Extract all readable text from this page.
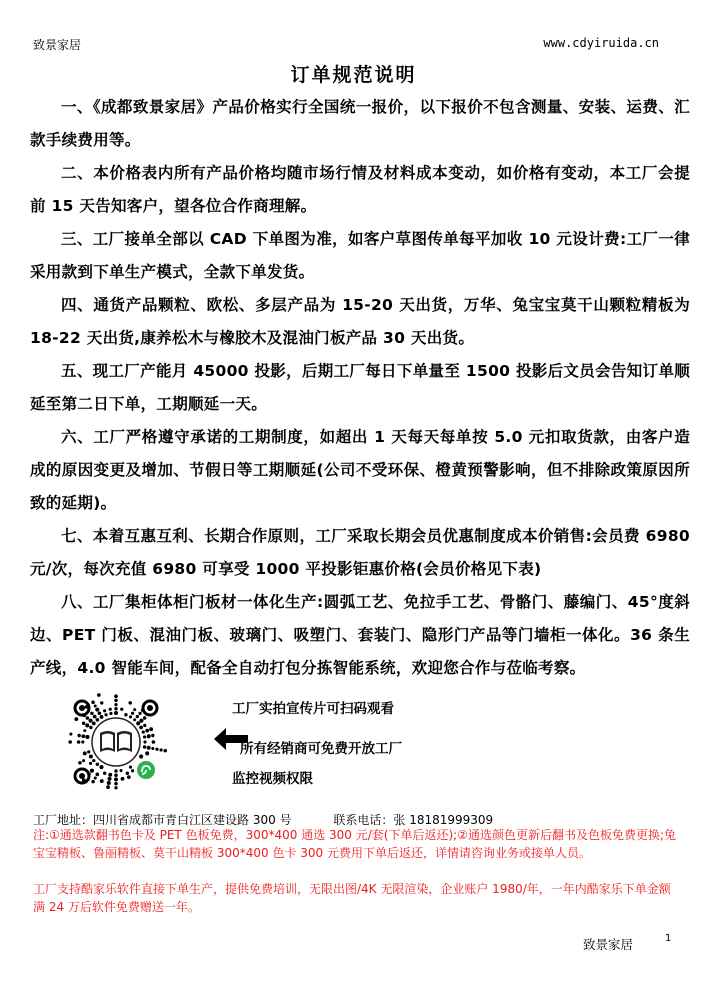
致景家居	www.cdyiruida.cn
订单规范说明

一、《成都致景家居》产品价格实行全国统一报价，以下报价不包含测量、安装、运费、汇款手续费用等。

二、本价格表内所有产品价格均随市场行情及材料成本变动，如价格有变动，本工厂会提前 15 天告知客户，望各位合作商理解。

三、工厂接单全部以 CAD 下单图为准，如客户草图传单每平加收 10 元设计费:工厂一律采用款到下单生产模式，全款下单发货。

四、通货产品颗粒、欧松、多层产品为 15-20 天出货，万华、兔宝宝莫干山颗粒精板为 18-22 天出货,康养松木与橡胶木及混油门板产品 30 天出货。

五、现工厂产能月 45000 投影，后期工厂每日下单量至 1500 投影后文员会告知订单顺延至第二日下单，工期顺延一天。

六、工厂严格遵守承诺的工期制度，如超出 1 天每天每单按 5.0 元扣取货款，由客户造成的原因变更及增加、节假日等工期顺延(公司不受环保、橙黄预警影响，但不排除政策原因所致的延期)。

七、本着互惠互利、长期合作原则，工厂采取长期会员优惠制度成本价销售:会员费 6980 元/次，每次充值 6980 可享受 1000 平投影钜惠价格(会员价格见下表)

八、工厂集柜体柜门板材一体化生产:圆弧工艺、免拉手工艺、骨骼门、藤编门、45°度斜边、PET 门板、混油门板、玻璃门、吸塑门、套装门、隐形门产品等门墙柜一体化。36 条生产线，4.0 智能车间，配备全自动打包分拣智能系统，欢迎您合作与莅临考察。

工厂实拍宣传片可扫码观看
所有经销商可免费开放工厂
监控视频权限
工厂地址：四川省成都市青白江区建设路 300 号	联系电话：张 18181999309
注:①通选款翻书色卡及 PET 色板免费，300*400 通选 300 元/套(下单后返还);②通选颜色更新后翻书及色板免费更换;兔宝宝精板、鲁丽精板、莫干山精板 300*400 色卡 300 元费用下单后返还，详情请咨询业务或接单人员。
工厂支持酷家乐软件直接下单生产，提供免费培训，无限出图/4K 无限渲染，企业账户 1980/年，一年内酷家乐下单金额满 24 万后软件免费赠送一年。
致景家居	1
